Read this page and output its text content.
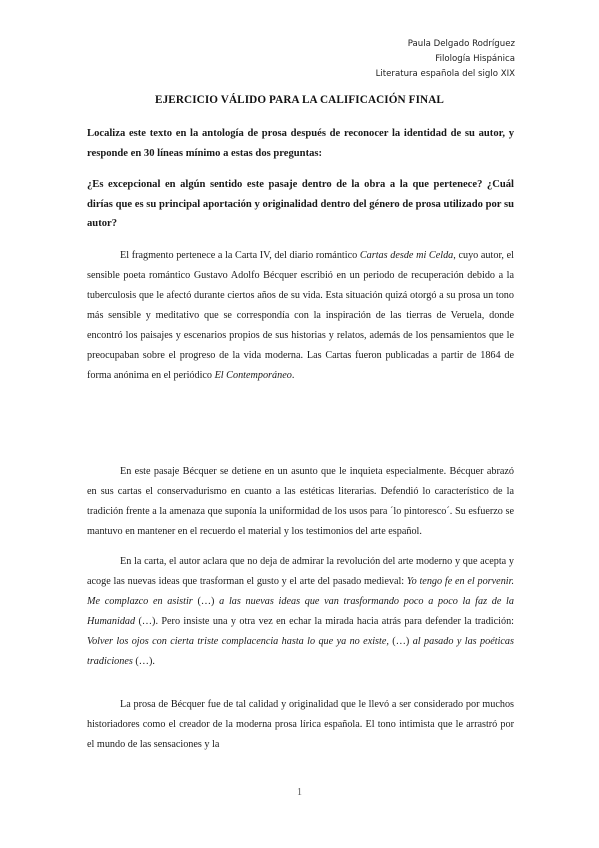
Paula Delgado Rodríguez
Filología Hispánica
Literatura española del siglo XIX
EJERCICIO VÁLIDO PARA LA CALIFICACIÓN FINAL

Localiza este texto en la antología de prosa después de reconocer la identidad de su autor, y responde en 30 líneas mínimo a estas dos preguntas:

¿Es excepcional en algún sentido este pasaje dentro de la obra a la que pertenece? ¿Cuál dirías que es su principal aportación y originalidad dentro del género de prosa utilizado por su autor?

El fragmento pertenece a la Carta IV, del diario romántico Cartas desde mi Celda, cuyo autor, el sensible poeta romántico Gustavo Adolfo Bécquer escribió en un periodo de recuperación debido a la tuberculosis que le afectó durante ciertos años de su vida. Esta situación quizá otorgó a su prosa un tono más sensible y meditativo que se correspondía con la inspiración de las tierras de Veruela, donde encontró los paisajes y escenarios propios de sus historias y relatos, además de los pensamientos que le preocupaban sobre el progreso de la vida moderna. Las Cartas fueron publicadas a partir de 1864 de forma anónima en el periódico El Contemporáneo.

En este pasaje Bécquer se detiene en un asunto que le inquieta especialmente. Bécquer abrazó en sus cartas el conservadurismo en cuanto a las estéticas literarias. Defendió lo característico de la tradición frente a la amenaza que suponía la uniformidad de los usos para ´lo pintoresco´. Su esfuerzo se mantuvo en mantener en el recuerdo el material y los testimonios del arte español.

En la carta, el autor aclara que no deja de admirar la revolución del arte moderno y que acepta y acoge las nuevas ideas que trasforman el gusto y el arte del pasado medieval: Yo tengo fe en el porvenir. Me complazco en asistir (…) a las nuevas ideas que van trasformando poco a poco la faz de la Humanidad (…). Pero insiste una y otra vez en echar la mirada hacia atrás para defender la tradición: Volver los ojos con cierta triste complacencia hasta lo que ya no existe, (…) al pasado y las poéticas tradiciones (…).

La prosa de Bécquer fue de tal calidad y originalidad que le llevó a ser considerado por muchos historiadores como el creador de la moderna prosa lírica española. El tono intimista que le arrastró por el mundo de las sensaciones y la

1
